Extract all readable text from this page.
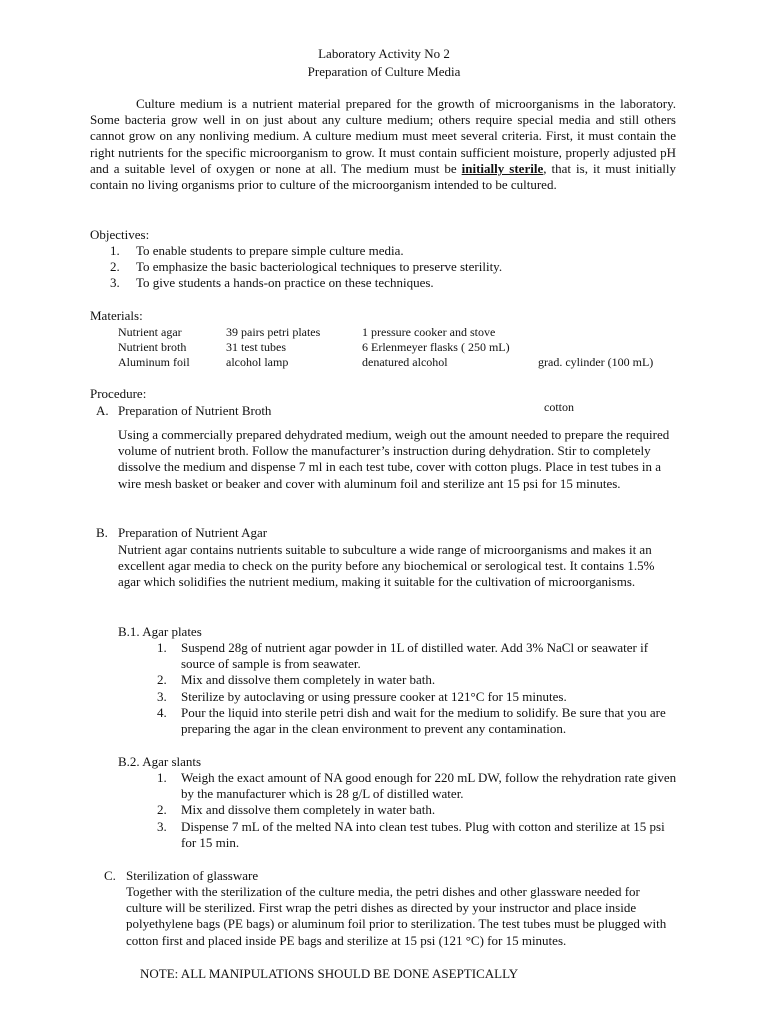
Laboratory Activity No 2
Preparation of Culture Media

Culture medium is a nutrient material prepared for the growth of microorganisms in the laboratory. Some bacteria grow well in on just about any culture medium; others require special media and still others cannot grow on any nonliving medium. A culture medium must meet several criteria. First, it must contain the right nutrients for the specific microorganism to grow. It must contain sufficient moisture, properly adjusted pH and a suitable level of oxygen or none at all. The medium must be initially sterile, that is, it must initially contain no living organisms prior to culture of the microorganism intended to be cultured.

Objectives:
1. To enable students to prepare simple culture media.
2. To emphasize the basic bacteriological techniques to preserve sterility.
3. To give students a hands-on practice on these techniques.
Materials:
Nutrient agar
Nutrient broth
Aluminum foil
39 pairs petri plates
31 test tubes
alcohol lamp
1 pressure cooker and stove
6 Erlenmeyer flasks ( 250 mL)
denatured alcohol

	grad. cylinder (100 mL)

cotton

Procedure:
A. Preparation of Nutrient Broth

Using a commercially prepared dehydrated medium, weigh out the amount needed to prepare the required volume of nutrient broth. Follow the manufacturer’s instruction during dehydration. Stir to completely dissolve the medium and dispense 7 ml in each test tube, cover with cotton plugs. Place in test tubes in a wire mesh basket or beaker and cover with aluminum foil and sterilize ant 15 psi for 15 minutes.

B. Preparation of Nutrient Agar

Nutrient agar contains nutrients suitable to subculture a wide range of microorganisms and makes it an excellent agar media to check on the purity before any biochemical or serological test. It contains 1.5% agar which solidifies the nutrient medium, making it suitable for the cultivation of microorganisms.

B.1. Agar plates
1. Suspend 28g of nutrient agar powder in 1L of distilled water. Add 3% NaCl or seawater if source of sample is from seawater.
2. Mix and dissolve them completely in water bath.
3. Sterilize by autoclaving or using pressure cooker at 121°C for 15 minutes.
4. Pour the liquid into sterile petri dish and wait for the medium to solidify. Be sure that you are preparing the agar in the clean environment to prevent any contamination.
B.2. Agar slants
1. Weigh the exact amount of NA good enough for 220 mL DW, follow the rehydration rate given by the manufacturer which is 28 g/L of distilled water.
2. Mix and dissolve them completely in water bath.
3. Dispense 7 mL of the melted NA into clean test tubes. Plug with cotton and sterilize at 15 psi for 15 min.
C. Sterilization of glassware

Together with the sterilization of the culture media, the petri dishes and other glassware needed for culture will be sterilized. First wrap the petri dishes as directed by your instructor and place inside polyethylene bags (PE bags) or aluminum foil prior to sterilization. The test tubes must be plugged with cotton first and placed inside PE bags and sterilize at 15 psi (121 °C) for 15 minutes.

NOTE: ALL MANIPULATIONS SHOULD BE DONE ASEPTICALLY
